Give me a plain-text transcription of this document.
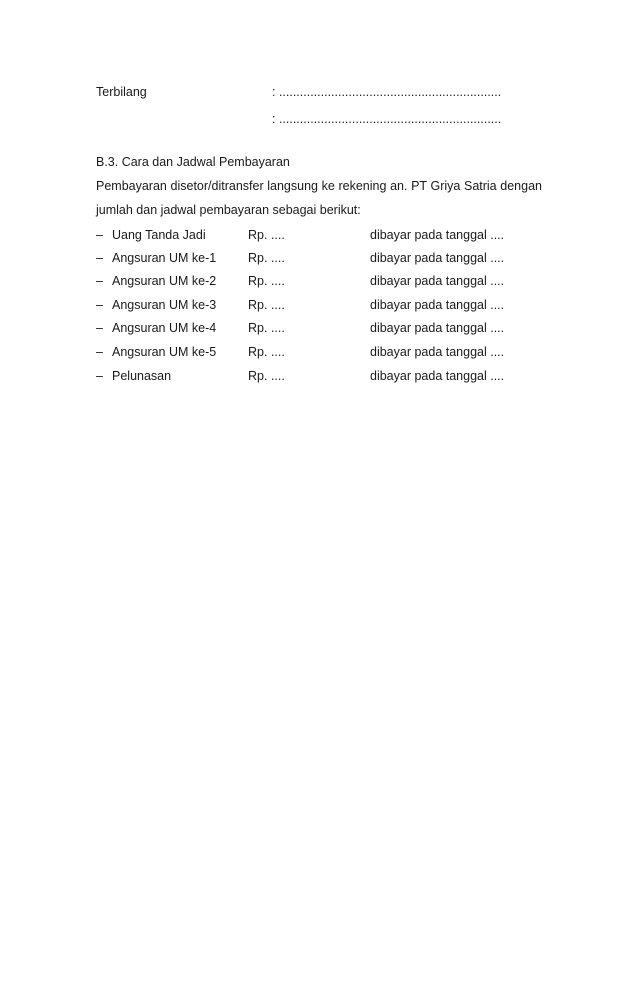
Terbilang	: ................................................................
: ................................................................
B.3. Cara dan Jadwal Pembayaran
Pembayaran disetor/ditransfer langsung ke rekening an. PT Griya Satria dengan
jumlah dan jadwal pembayaran sebagai berikut:
– Uang Tanda Jadi	Rp. ....	dibayar pada tanggal ....
– Angsuran UM ke-1	Rp. ....	dibayar pada tanggal ....
– Angsuran UM ke-2	Rp. ....	dibayar pada tanggal ....
– Angsuran UM ke-3	Rp. ....	dibayar pada tanggal ....
– Angsuran UM ke-4	Rp. ....	dibayar pada tanggal ....
– Angsuran UM ke-5	Rp. ....	dibayar pada tanggal ....
– Pelunasan	Rp. ....	dibayar pada tanggal ....
